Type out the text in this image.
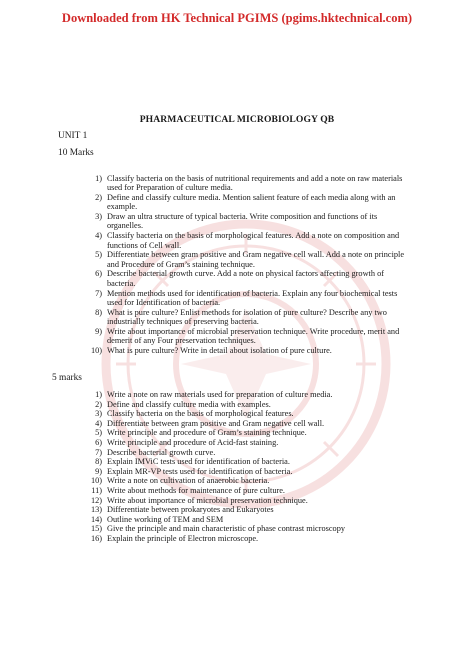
Downloaded from HK Technical PGIMS (pgims.hktechnical.com)
PHARMACEUTICAL MICROBIOLOGY QB
UNIT 1
10 Marks
1) Classify bacteria on the basis of nutritional requirements and add a note on raw materials used for Preparation of culture media.
2) Define and classify culture media. Mention salient feature of each media along with an example.
3) Draw an ultra structure of typical bacteria. Write composition and functions of its organelles.
4) Classify bacteria on the basis of morphological features. Add a note on composition and functions of Cell wall.
5) Differentiate between gram positive and Gram negative cell wall. Add a note on principle and Procedure of Gram’s staining technique.
6) Describe bacterial growth curve. Add a note on physical factors affecting growth of bacteria.
7) Mention methods used for identification of bacteria. Explain any four biochemical tests used for Identification of bacteria.
8) What is pure culture? Enlist methods for isolation of pure culture? Describe any two industrially techniques of preserving bacteria.
9) Write about importance of microbial preservation technique. Write procedure, merit and demerit of any Four preservation techniques.
10) What is pure culture? Write in detail about isolation of pure culture.
5 marks
1) Write a note on raw materials used for preparation of culture media.
2) Define and classify culture media with examples.
3) Classify bacteria on the basis of morphological features.
4) Differentiate between gram positive and Gram negative cell wall.
5) Write principle and procedure of Gram’s staining technique.
6) Write principle and procedure of Acid-fast staining.
7) Describe bacterial growth curve.
8) Explain IMViC tests used for identification of bacteria.
9) Explain MR-VP tests used for identification of bacteria.
10) Write a note on cultivation of anaerobic bacteria.
11) Write about methods for maintenance of pure culture.
12) Write about importance of microbial preservation technique.
13) Differentiate between prokaryotes and Eukaryotes
14) Outline working of TEM and SEM
15) Give the principle and main characteristic of phase contrast microscopy
16) Explain the principle of Electron microscope.
